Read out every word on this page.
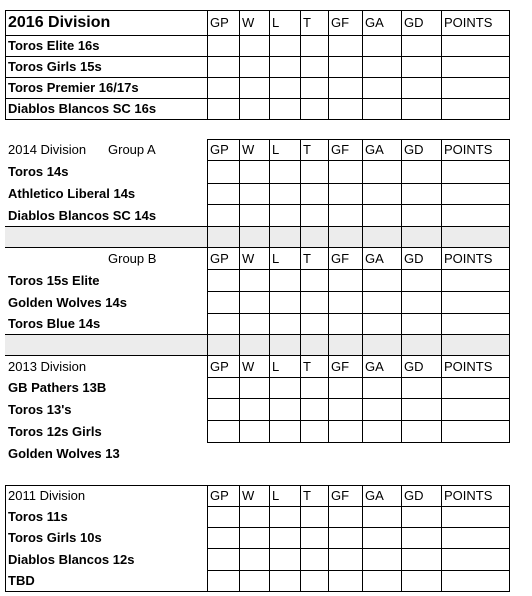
2016 Division	GP	W	L	T	GF	GA	GD	POINTS
Toros Elite 16s
Toros Girls 15s
Toros Premier 16/17s
Diablos Blancos SC 16s
2014 Division	Group A	GP	W	L	T	GF	GA	GD	POINTS
Toros 14s
Athletico Liberal 14s
Diablos Blancos SC 14s
Group B	GP	W	L	T	GF	GA	GD	POINTS
Toros 15s Elite
Golden Wolves 14s
Toros Blue 14s
2013 Division	GP	W	L	T	GF	GA	GD	POINTS
GB Pathers 13B
Toros 13's
Toros 12s Girls
Golden Wolves 13
2011 Division	GP	W	L	T	GF	GA	GD	POINTS
Toros 11s
Toros Girls 10s
Diablos Blancos 12s
TBD
